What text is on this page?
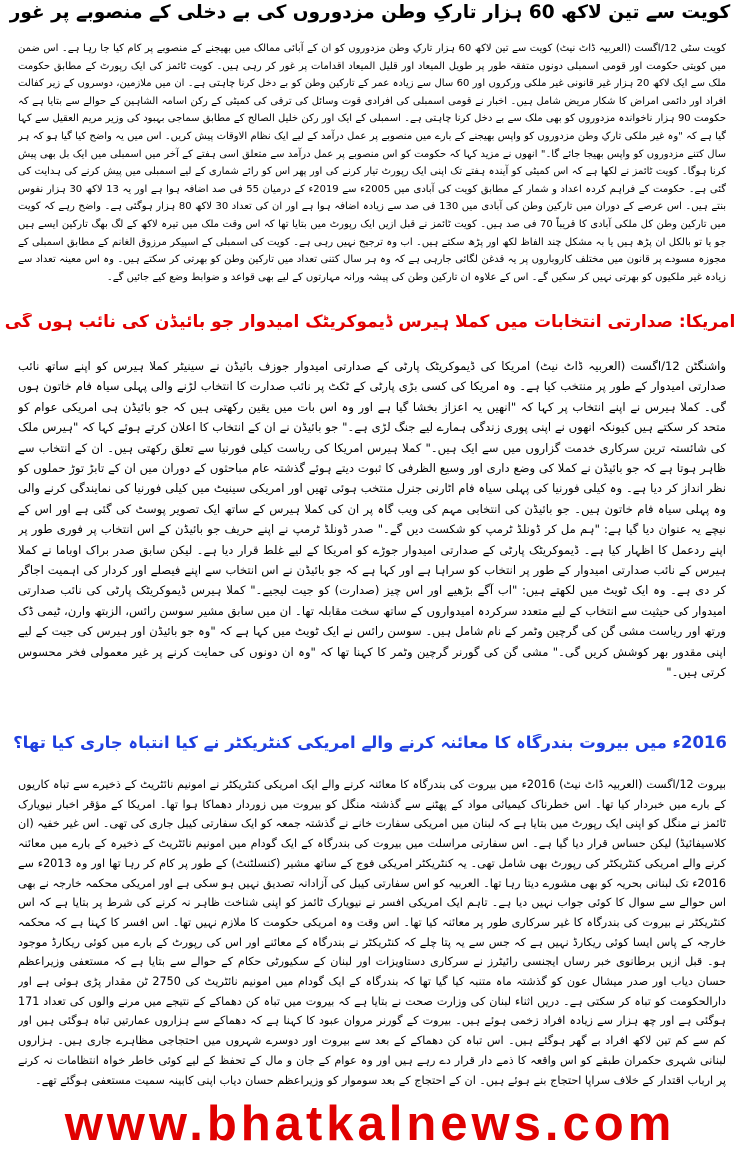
کویت سے تین لاکھ 60 ہزار تارکِ وطن مزدوروں کی بے دخلی کے منصوبے پر غور
کویت سٹی 12/اگست (العربیہ ڈاٹ نیٹ) کویت سے تین لاکھ 60 ہزار تارکِ وطن مزدوروں کو ان کے آبائی ممالک میں بھیجنے کے منصوبے پر کام کیا جا رہا ہے۔ اس ضمن میں کویتی حکومت اور قومی اسمبلی دونوں متفقہ طور پر طویل المیعاد اور قلیل المیعاد اقدامات پر غور کر رہی ہیں۔ کویت ٹائمز کی ایک رپورٹ کے مطابق حکومت ملک سے ایک لاکھ 20 ہزار غیر قانونی غیر ملکی ورکروں اور 60 سال سے زیادہ عمر کے تارکین وطن کو بے دخل کرنا چاہتی ہے۔ ان میں ملازمین، دوسروں کے زیر کفالت افراد اور دائمی امراض کا شکار مریض شامل ہیں۔ اخبار نے قومی اسمبلی کی افرادی قوت وسائل کی ترقی کی کمیٹی کے رکن اسامہ الشاہین کے حوالے سے بتایا ہے کہ حکومت 90 ہزار ناخواندہ مزدوروں کو بھی ملک سے بے دخل کرنا چاہتی ہے۔ اسمبلی کے ایک اور رکن خلیل الصالح کے مطابق سماجی بہبود کی وزیر مریم العقیل سے کہا گیا ہے کہ "وہ غیر ملکی تارکِ وطن مزدوروں کو واپس بھیجنے کے بارے میں منصوبے پر عمل درآمد کے لیے ایک نظام الاوقات پیش کریں۔ اس میں یہ واضح کیا گیا ہو کہ ہر سال کتنے مزدوروں کو واپس بھیجا جائے گا۔" انھوں نے مزید کہا کہ حکومت کو اس منصوبے پر عمل درآمد سے متعلق اسی ہفتے کے آخر میں اسمبلی میں ایک بل بھی پیش کرنا ہوگا۔ کویت ٹائمز نے لکھا ہے کہ اس کمیٹی کو آیندہ ہفتے تک اپنی ایک رپورٹ تیار کرنے کی اور پھر اس کو رائے شماری کے لیے اسمبلی میں پیش کرنے کی ہدایت کی گئی ہے۔ حکومت کے فراہم کردہ اعداد و شمار کے مطابق کویت کی آبادی میں 2005ء سے 2019ء کے درمیان 55 فی صد اضافہ ہوا ہے اور یہ 13 لاکھ 30 ہزار نفوس بنتے ہیں۔ اس عرصے کے دوران میں تارکین وطن کی آبادی میں 130 فی صد سے زیادہ اضافہ ہوا ہے اور ان کی تعداد 30 لاکھ 80 ہزار ہوگئی ہے۔ واضح رہے کہ کویت میں تارکین وطن کل ملکی آبادی کا قریباً 70 فی صد ہیں۔ کویت ٹائمز نے قبل ازیں ایک رپورٹ میں بتایا تھا کہ اس وقت ملک میں تیرہ لاکھ کے لگ بھگ تارکین ایسے ہیں جو یا تو بالکل ان پڑھ ہیں یا بہ مشکل چند الفاظ لکھ اور پڑھ سکتے ہیں۔ اب وہ ترجیح نہیں رہی ہے۔ کویت کی اسمبلی کے اسپیکر مرزوق الغانم کے مطابق اسمبلی کے مجوزہ مسودے پر قانون میں مختلف کاروباروں پر یہ قدغن لگائی جارہی ہے کہ وہ ہر سال کتنی تعداد میں تارکین وطن کو بھرتی کر سکتے ہیں۔ وہ اس معینہ تعداد سے زیادہ غیر ملکیوں کو بھرتی نہیں کر سکیں گے۔ اس کے علاوہ ان تارکین وطن کی پیشہ ورانہ مہارتوں کے لیے بھی قواعد و ضوابط وضع کیے جائیں گے۔
امریکا: صدارتی انتخابات میں کملا ہیرس ڈیموکریٹک امیدوار جو بائیڈن کی نائب ہوں گی
واشنگٹن 12/اگست (العربیہ ڈاٹ نیٹ) امریکا کی ڈیموکریٹک پارٹی کے صدارتی امیدوار جوزف بائیڈن نے سینیٹر کملا ہیرس کو اپنے ساتھ نائب صدارتی امیدوار کے طور پر منتخب کیا ہے۔ وہ امریکا کی کسی بڑی پارٹی کے ٹکٹ پر نائب صدارت کا انتخاب لڑنے والی پہلی سیاہ فام خاتون ہوں گی۔ کملا ہیرس نے اپنے انتخاب پر کہا کہ "انھیں یہ اعزاز بخشا گیا ہے اور وہ اس بات میں یقین رکھتی ہیں کہ جو بائیڈن ہی امریکی عوام کو متحد کر سکتے ہیں کیونکہ انھوں نے اپنی پوری زندگی ہمارے لیے جنگ لڑی ہے۔" جو بائیڈن نے ان کے انتخاب کا اعلان کرتے ہوئے کہا کہ "ہیرس ملک کی شائستہ ترین سرکاری خدمت گزاروں میں سے ایک ہیں۔" کملا ہیرس امریکا کی ریاست کیلی فورنیا سے تعلق رکھتی ہیں۔ ان کے انتخاب سے ظاہر ہوتا ہے کہ جو بائیڈن نے کملا کی وضع داری اور وسیع الظرفی کا ثبوت دیتے ہوئے گذشتہ عام مباحثوں کے دوران میں ان کے تابڑ توڑ حملوں کو نظر انداز کر دیا ہے۔ وہ کیلی فورنیا کی پہلی سیاہ فام اٹارنی جنرل منتخب ہوئی تھیں اور امریکی سینیٹ میں کیلی فورنیا کی نمایندگی کرنے والی وہ پہلی سیاہ فام خاتون ہیں۔ جو بائیڈن کی انتخابی مہم کی ویب گاہ پر ان کی کملا ہیرس کے ساتھ ایک تصویر پوسٹ کی گئی ہے اور اس کے نیچے یہ عنوان دیا گیا ہے: "ہم مل کر ڈونلڈ ٹرمپ کو شکست دیں گے۔" صدر ڈونلڈ ٹرمپ نے اپنے حریف جو بائیڈن کے اس انتخاب پر فوری طور پر اپنے ردعمل کا اظہار کیا ہے۔ ڈیموکریٹک پارٹی کے صدارتی امیدوار جوڑے کو امریکا کے لیے غلط قرار دیا ہے۔ لیکن سابق صدر براک اوباما نے کملا ہیرس کے نائب صدارتی امیدوار کے طور پر انتخاب کو سراہا ہے اور کہا ہے کہ جو بائیڈن نے اس انتخاب سے اپنے فیصلے اور کردار کی اہمیت اجاگر کر دی ہے۔ وہ ایک ٹویٹ میں لکھتے ہیں: "اب آگے بڑھیے اور اس چیز (صدارت) کو جیت لیجیے۔" کملا ہیرس ڈیموکریٹک پارٹی کی نائب صدارتی امیدوار کی حیثیت سے انتخاب کے لیے متعدد سرکردہ امیدواروں کے ساتھ سخت مقابلہ تھا۔ ان میں سابق مشیر سوسن رائس، الزبتھ وارن، ٹیمی ڈک ورتھ اور ریاست مشی گن کی گرچین وٹمر کے نام شامل ہیں۔ سوسن رائس نے ایک ٹویٹ میں کہا ہے کہ "وہ جو بائیڈن اور ہیرس کی جیت کے لیے اپنی مقدور بھر کوشش کریں گی۔" مشی گن کی گورنر گرچین وٹمر کا کہنا تھا کہ "وہ ان دونوں کی حمایت کرنے پر غیر معمولی فخر محسوس کرتی ہیں۔"
2016ء میں بیروت بندرگاہ کا معائنہ کرنے والے امریکی کنٹریکٹر نے کیا انتباہ جاری کیا تھا؟
بیروت 12/اگست (العربیہ ڈاٹ نیٹ) 2016ء میں بیروت کی بندرگاہ کا معائنہ کرنے والے ایک امریکی کنٹریکٹر نے امونیم نائٹریٹ کے ذخیرے سے تباہ کاریوں کے بارے میں خبردار کیا تھا۔ اس خطرناک کیمیائی مواد کے پھٹنے سے گذشتہ منگل کو بیروت میں زوردار دھماکا ہوا تھا۔ امریکا کے مؤقر اخبار نیویارک ٹائمز نے منگل کو اپنی ایک رپورٹ میں بتایا ہے کہ لبنان میں امریکی سفارت خانے نے گذشتہ جمعہ کو ایک سفارتی کیبل جاری کی تھی۔ اس غیر خفیہ (ان کلاسیفائیڈ) لیکن حساس قرار دیا گیا ہے۔ اس سفارتی مراسلت میں بیروت کی بندرگاہ کے ایک گودام میں امونیم نائٹریٹ کے ذخیرہ کے بارے میں معائنہ کرنے والے امریکی کنٹریکٹر کی رپورٹ بھی شامل تھی۔ یہ کنٹریکٹر امریکی فوج کے ساتھ مشیر (کنسلٹنٹ) کے طور پر کام کر رہا تھا اور وہ 2013ء سے 2016ء تک لبنانی بحریہ کو بھی مشورے دیتا رہا تھا۔ العربیہ کو اس سفارتی کیبل کی آزادانہ تصدیق نہیں ہو سکی ہے اور امریکی محکمہ خارجہ نے بھی اس حوالے سے سوال کا کوئی جواب نہیں دیا ہے۔ تاہم ایک امریکی افسر نے نیویارک ٹائمز کو اپنی شناخت ظاہر نہ کرنے کی شرط پر بتایا ہے کہ اس کنٹریکٹر نے بیروت کی بندرگاہ کا غیر سرکاری طور پر معائنہ کیا تھا۔ اس وقت وہ امریکی حکومت کا ملازم نہیں تھا۔ اس افسر کا کہنا ہے کہ محکمہ خارجہ کے پاس ایسا کوئی ریکارڈ نہیں ہے کہ جس سے یہ پتا چلے کہ کنٹریکٹر نے بندرگاہ کے معائنے اور اس کی رپورٹ کے بارے میں کوئی ریکارڈ موجود ہو۔ قبل ازیں برطانوی خبر رساں ایجنسی رائیٹرز نے سرکاری دستاویزات اور لبنان کے سکیورٹی حکام کے حوالے سے بتایا ہے کہ مستعفی وزیراعظم حسان دیاب اور صدر میشال عون کو گذشتہ ماہ متنبہ کیا گیا تھا کہ بندرگاہ کے ایک گودام میں امونیم نائٹریٹ کی 2750 ٹن مقدار پڑی ہوئی ہے اور دارالحکومت کو تباہ کر سکتی ہے۔ دریں اثناء لبنان کی وزارت صحت نے بتایا ہے کہ بیروت میں تباہ کن دھماکے کے نتیجے میں مرنے والوں کی تعداد 171 ہوگئی ہے اور چھ ہزار سے زیادہ افراد زخمی ہوئے ہیں۔ بیروت کے گورنر مروان عبود کا کہنا ہے کہ دھماکے سے ہزاروں عمارتیں تباہ ہوگئی ہیں اور کم سے کم تین لاکھ افراد بے گھر ہوگئے ہیں۔ اس تباہ کن دھماکے کے بعد سے بیروت اور دوسرے شہروں میں احتجاجی مظاہرے جاری ہیں۔ ہزاروں لبنانی شہری حکمران طبقے کو اس واقعہ کا ذمے دار قرار دے رہے ہیں اور وہ عوام کے جان و مال کے تحفظ کے لیے کوئی خاطر خواہ انتظامات نہ کرنے پر ارباب اقتدار کے خلاف سراپا احتجاج بنے ہوئے ہیں۔ ان کے احتجاج کے بعد سوموار کو وزیراعظم حسان دیاب اپنی کابینہ سمیت مستعفی ہوگئے تھے۔
www.bhatkalnews.com
